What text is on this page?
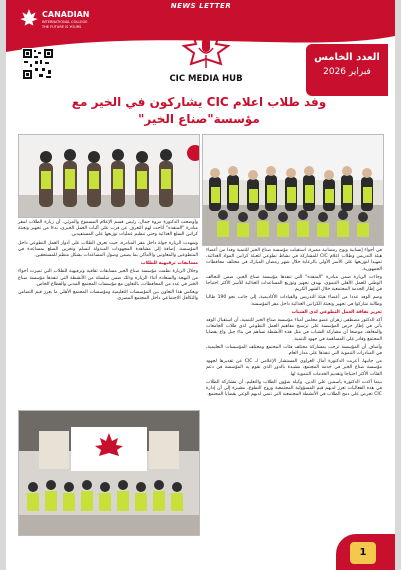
NEWS LETTER
CANADIAN
INTERNATIONAL COLLEGE
THE FUTURE IS YOURS
CIC MEDIA HUB
العدد الخامس
فبراير 2026
وفد طلاب اعلام CIC يشاركون في الخير مع
مؤسسة"صناع الخير"

وأوضحت الدكتورة مروة جمال، رئيس قسم الإعلام المسموع والمرئي، أن زيارة الطلاب لمقر مبادرة "المنقذه" أتاحت لهم التعرف عن قرب على آليات العمل الخيري، بدءا من تجهيز وتعبئة كراتين السلع الغذائية وحتى تنظيم عمليات توزيعها على المستفيدين.

وشهدت الزيارة جولة داخل مقر المبادرة، حيث تعرف الطلاب على أدوار العمل التطوعي داخل المؤسسة، إضافة إلى مشاهدة المجهودات المبذولة لتسلم وتخزين السلع بمساعدة في المتطوعين والمعاونين والأماكن بما يضمن وصول المساعدات بشكل منظم للمستحقين.

مسابقات ترفيهية للطلاب

وخلال الزيارة نظمت مؤسسة صناع الخير مسابقات ثقافية وترفيهية للطلاب التي تميزت أجواء من البهجة والسعادة أثناء الزيارة وذلك ضمن سلسلة من الأنشطة التي تنفذها مؤسسة صناع الخير في عدد من المحافظات، بالتعاون مع مؤسسات المجتمع المدني والقطاع الخاص.

ويعكس هذا التعاون بين المؤسسات التعليمية ومؤسسات المجتمع الأهلي ما يعزز قيم التضامن والتكافل الاجتماعي داخل المجتمع المصري.

في أجواء إنسانية ويوح رمضانية مميزة، استقبلت مؤسسة صناع الخير للتنمية وفدا من أعضاء هيئة التدريس وطلاب اعلام CIC للمشاركة في نشاط تطوعي لتعبئة كراتين المواد الغذائية، تمهيدا لتوزيعها على الأسر الأولى بالرعاية خلال شهر رمضان المبارك في مختلف محافظات الجمهورية.

وجاءت الزيارة ضمن مبادرة "المنقذه" التي تنفذها مؤسسة صناع الخير، ضمن التحالف الوطني للعمل الأهلي التنموي، بهدف تجهيز وتوزيع المساعدات الغذائية للأسر الأكثر احتياجا في إطار الخدمة المجتمعية خلال الشهر الكريم.

وضم الوفد عددا من أعضاء هيئة التدريس والقيادات الأكاديمية، إلى جانب نحو 190 طالبا وطالبة شاركوا في تجهيز وتعبئة الكراتين الغذائية داخل مقر المؤسسة.

تعزيز ثقافة العمل التطوعي لدى الشباب

أكد الدكتور مصطفى زهران عضو مجلس أمناء مؤسسة صناع الخير للتنمية، أن استقبال الوفد يأتي في إطار حرص المؤسسة على ترسيخ مفاهيم العمل التطوعي لدى طلاب الجامعات والمعاهد، موضحا أن مشاركة الشباب في مثل هذه الأنشطة تساهم في بناء جيل واع بقضايا المجتمع وقادر على المساهمة في جهود التنمية.

وأضاف أن المؤسسة ترحب بمشاركة مختلف فئات المجتمع ومختلف المؤسسات التعليمية، في المبادرات التنموية التي تنفذها على مدار العام.

من جانبها، أعربت الدكتورة أمال الغزاوي المستشار الإعلامي لـ CIC عن تقديرها لجهود مؤسسة صناع الخير في خدمة المجتمع، مشيدة بالدور الذي تقوم به المؤسسة في دعم الفئات الأكثر احتياجا وتقديم الخدمات التنموية لها.

بينما أكدت الدكتورة ياسمين علي الدين، وكيلة شؤون الطلاب والتعليم، أن مشاركة الطلاب في هذه الفعاليات تعزز لديهم قيم المسؤولية المجتمعية وروح التطوع، مشيرة إلى أن إدارة CIC تحرص على دمج الطلاب في الأنشطة المجتمعية التي تنمي لديهم الوعي بقضايا المجتمع.

1
